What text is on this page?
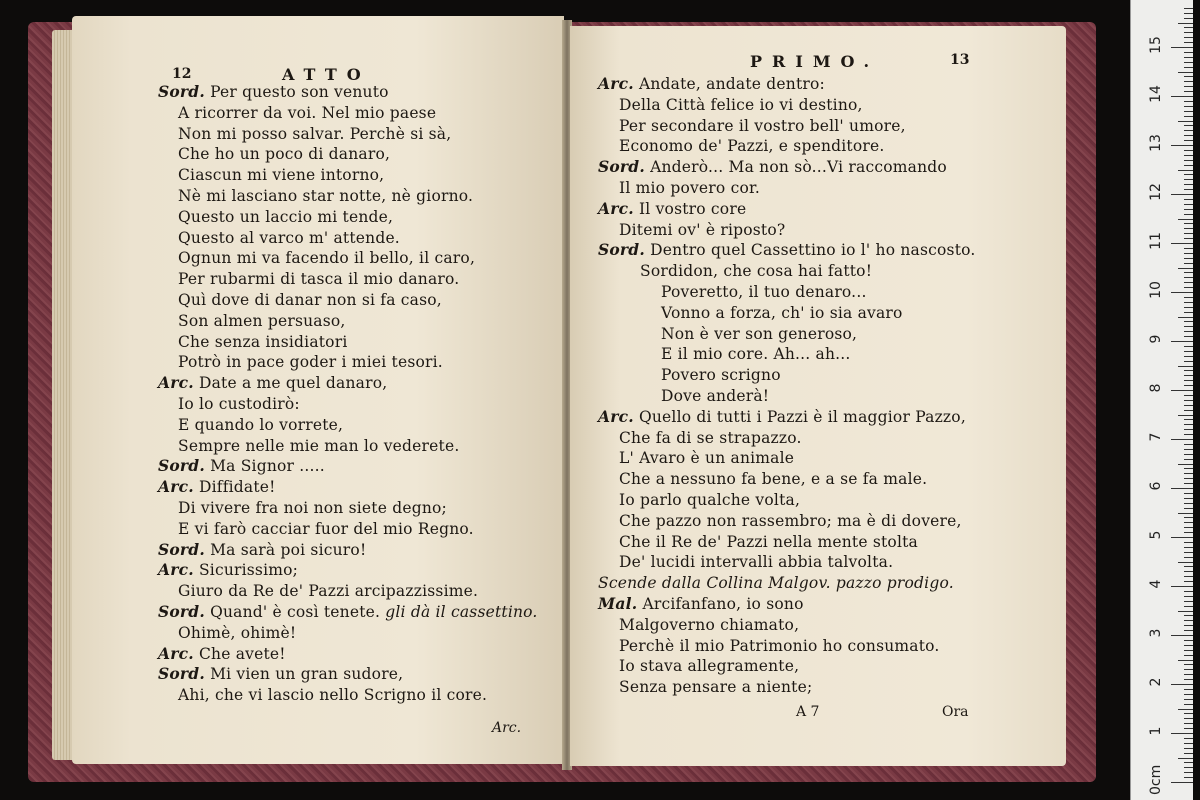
12	ATTO
Sord. Per questo son venuto
A ricorrer da voi. Nel mio paese
Non mi posso salvar. Perchè si sà,
Che ho un poco di danaro,
Ciascun mi viene intorno,
Nè mi lasciano star notte, nè giorno.
Questo un laccio mi tende,
Questo al varco m' attende.
Ognun mi va facendo il bello, il caro,
Per rubarmi di tasca il mio danaro.
Quì dove di danar non si fa caso,
Son almen persuaso,
Che senza insidiatori
Potrò in pace goder i miei tesori.
Arc. Date a me quel danaro,
Io lo custodirò:
E quando lo vorrete,
Sempre nelle mie man lo vederete.
Sord. Ma Signor .....
Arc. Diffidate!
Di vivere fra noi non siete degno;
E vi farò cacciar fuor del mio Regno.
Sord. Ma sarà poi sicuro!
Arc. Sicurissimo;
Giuro da Re de' Pazzi arcipazzissime.
Sord. Quand' è così tenete. gli dà il cassettino.
Ohimè, ohimè!
Arc. Che avete!
Sord. Mi vien un gran sudore,
Ahi, che vi lascio nello Scrigno il core.
Arc.
PRIMO.	13
Arc. Andate, andate dentro:
Della Città felice io vi destino,
Per secondare il vostro bell' umore,
Economo de' Pazzi, e spenditore.
Sord. Anderò... Ma non sò...Vi raccomando
Il mio povero cor.
Arc. Il vostro core
Ditemi ov' è riposto?
Sord. Dentro quel Cassettino io l' ho nascosto.
Sordidon, che cosa hai fatto!
Poveretto, il tuo denaro...
Vonno a forza, ch' io sia avaro
Non è ver son generoso,
E il mio core. Ah... ah...
Povero scrigno
Dove anderà!
Arc. Quello di tutti i Pazzi è il maggior Pazzo,
Che fa di se strapazzo.
L' Avaro è un animale
Che a nessuno fa bene, e a se fa male.
Io parlo qualche volta,
Che pazzo non rassembro; ma è di dovere,
Che il Re de' Pazzi nella mente stolta
De' lucidi intervalli abbia talvolta.
Scende dalla Collina Malgov. pazzo prodigo.
Mal. Arcifanfano, io sono
Malgoverno chiamato,
Perchè il mio Patrimonio ho consumato.
Io stava allegramente,
Senza pensare a niente;
A 7	Ora
0cm
1
2
3
4
5
6
7
8
9
10
11
12
13
14
15
